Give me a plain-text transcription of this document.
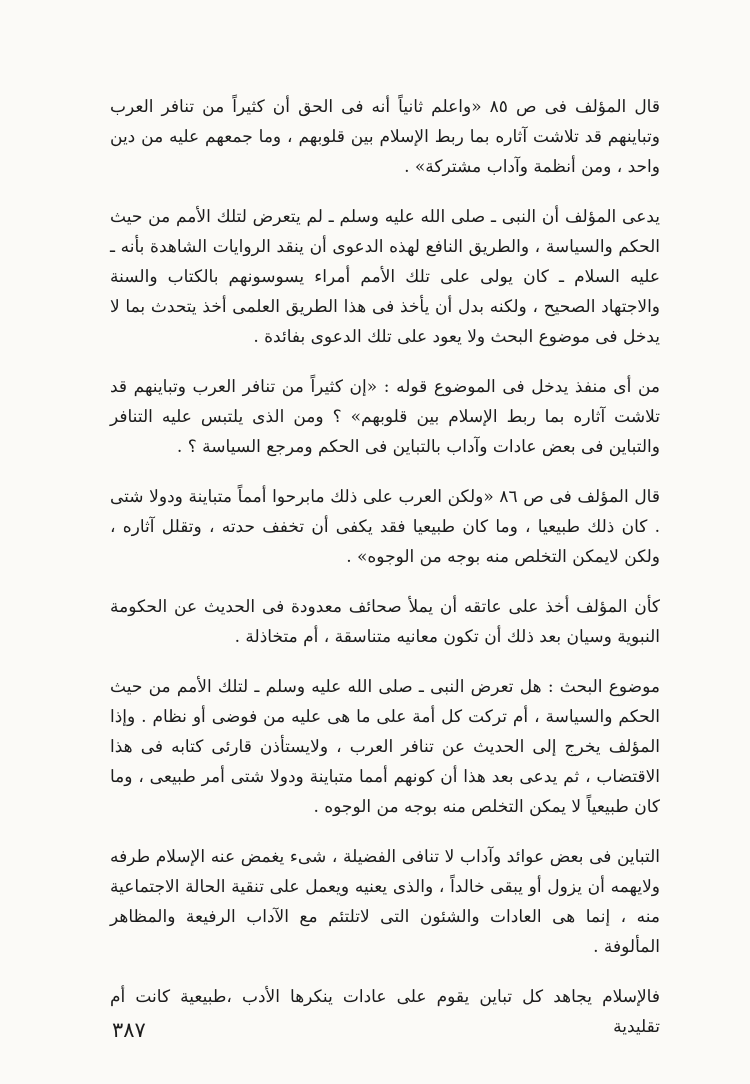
قال المؤلف فى ص ٨٥ «واعلم ثانياً أنه فى الحق أن كثيراً من تنافر العرب وتباينهم قد تلاشت آثاره بما ربط الإسلام بين قلوبهم ، وما جمعهم عليه من دين واحد ، ومن أنظمة وآداب مشتركة» .

يدعى المؤلف أن النبى ـ صلى الله عليه وسلم ـ لم يتعرض لتلك الأمم من حيث الحكم والسياسة ، والطريق النافع لهذه الدعوى أن ينقد الروايات الشاهدة بأنه ـ عليه السلام ـ كان يولى على تلك الأمم أمراء يسوسونهم بالكتاب والسنة والاجتهاد الصحيح ، ولكنه بدل أن يأخذ فى هذا الطريق العلمى أخذ يتحدث بما لا يدخل فى موضوع البحث ولا يعود على تلك الدعوى بفائدة .

من أى منفذ يدخل فى الموضوع قوله : «إن كثيراً من تنافر العرب وتباينهم قد تلاشت آثاره بما ربط الإسلام بين قلوبهم» ؟ ومن الذى يلتبس عليه التنافر والتباين فى بعض عادات وآداب بالتباين فى الحكم ومرجع السياسة ؟ .

قال المؤلف فى ص ٨٦ «ولكن العرب على ذلك مابرحوا أمماً متباينة ودولا شتى . كان ذلك طبيعيا ، وما كان طبيعيا فقد يكفى أن تخفف حدته ، وتقلل آثاره ، ولكن لايمكن التخلص منه بوجه من الوجوه» .

كأن المؤلف أخذ على عاتقه أن يملأ صحائف معدودة فى الحديث عن الحكومة النبوية وسيان بعد ذلك أن تكون معانيه متناسقة ، أم متخاذلة .

موضوع البحث : هل تعرض النبى ـ صلى الله عليه وسلم ـ لتلك الأمم من حيث الحكم والسياسة ، أم تركت كل أمة على ما هى عليه من فوضى أو نظام . وإذا المؤلف يخرج إلى الحديث عن تنافر العرب ، ولايستأذن قارئى كتابه فى هذا الاقتضاب ، ثم يدعى بعد هذا أن كونهم أمما متباينة ودولا شتى أمر طبيعى ، وما كان طبيعياً لا يمكن التخلص منه بوجه من الوجوه .

التباين فى بعض عوائد وآداب لا تنافى الفضيلة ، شىء يغمض عنه الإسلام طرفه ولايهمه أن يزول أو يبقى خالداً ، والذى يعنيه ويعمل على تنقية الحالة الاجتماعية منه ، إنما هى العادات والشئون التى لاتلتئم مع الآداب الرفيعة والمظاهر المألوفة .

فالإسلام يجاهد كل تباين يقوم على عادات ينكرها الأدب ،طبيعية كانت أم تقليدية

٣٨٧
